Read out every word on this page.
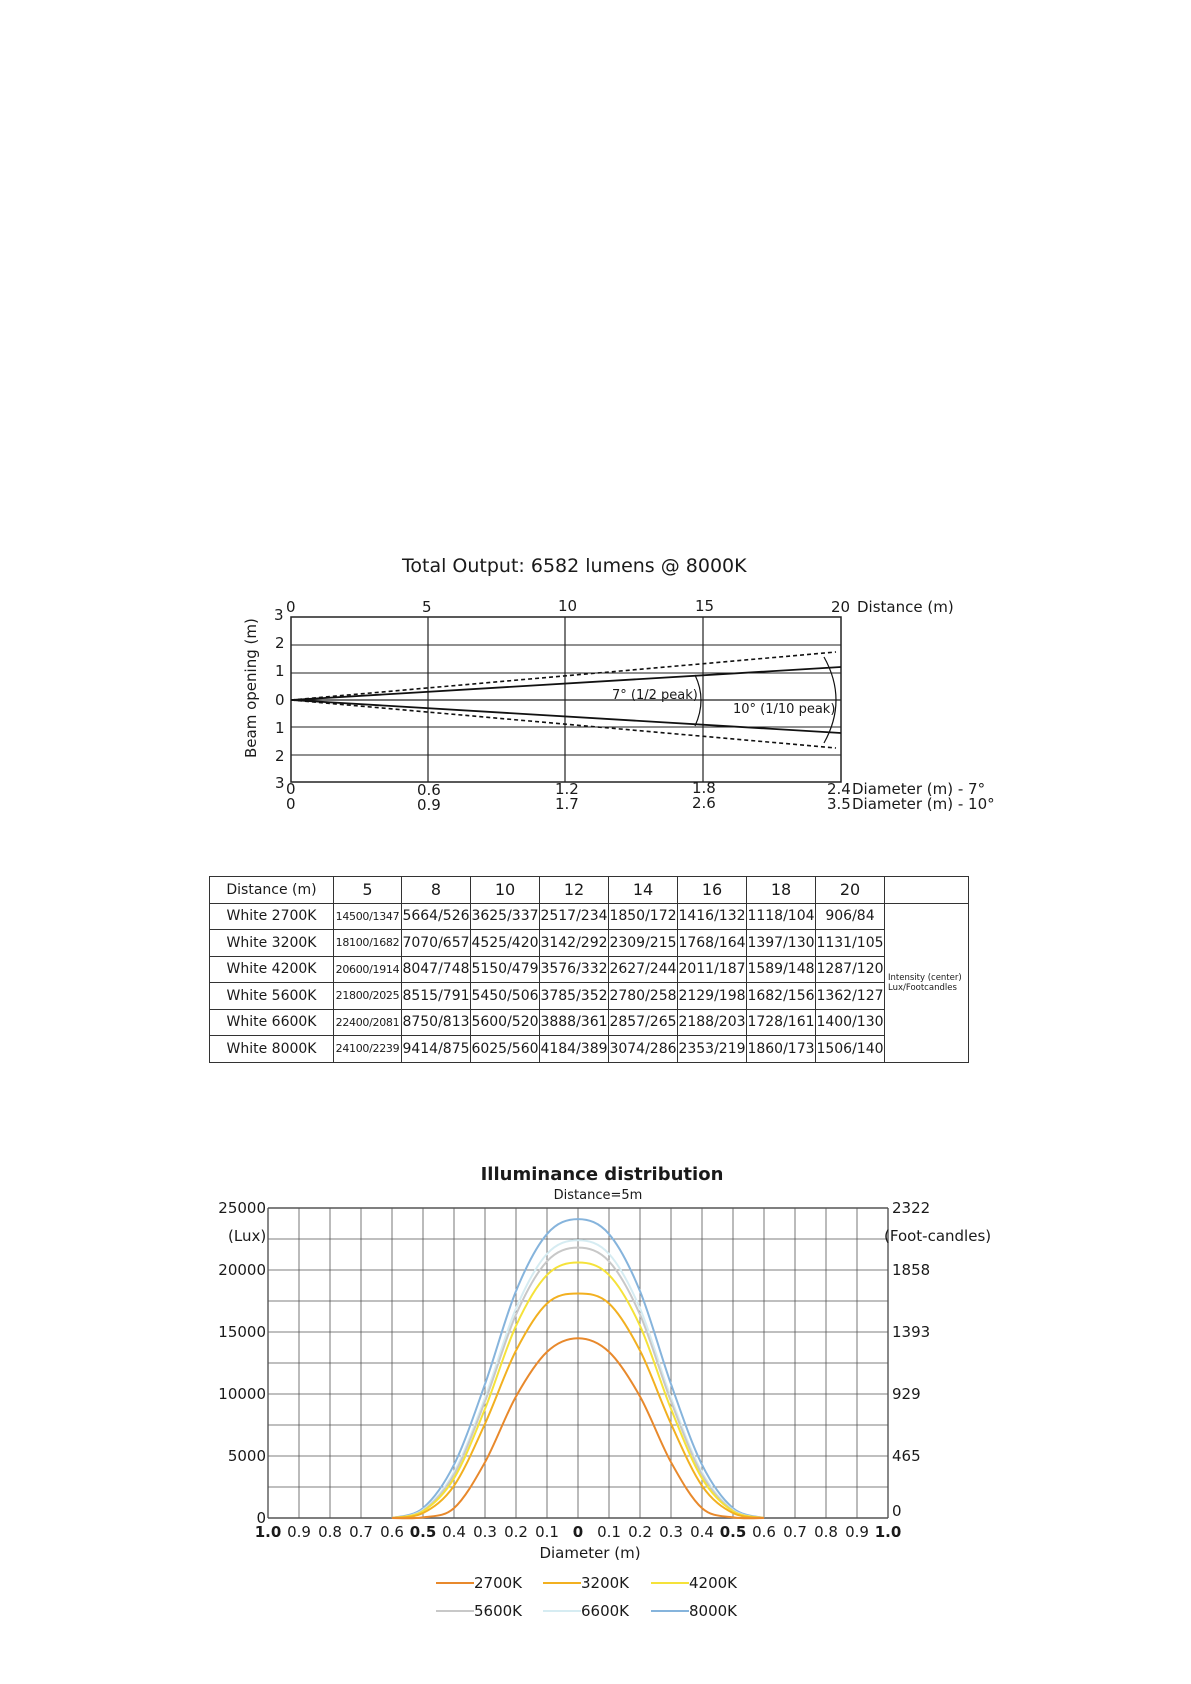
Total Output: 6582 lumens @ 8000K
0	5	10	15	20 Distance (m)
Beam opening (m)
3
2
1
0
1
2
3
7° (1/2 peak)
10° (1/10 peak)
0	0.6	1.2	1.8	2.4 Diameter (m) - 7°
0	0.9	1.7	2.6	3.5 Diameter (m) - 10°
Distance (m)	5	8	10	12	14	16	18	20	
White 2700K	14500/1347	5664/526	3625/337	2517/234	1850/172	1416/132	1118/104	906/84	Intensity (center)
Lux/Footcandles

White 3200K	18100/1682	7070/657	4525/420	3142/292	2309/215	1768/164	1397/130	1131/105	
White 4200K	20600/1914	8047/748	5150/479	3576/332	2627/244	2011/187	1589/148	1287/120	
White 5600K	21800/2025	8515/791	5450/506	3785/352	2780/258	2129/198	1682/156	1362/127	
White 6600K	22400/2081	8750/813	5600/520	3888/361	2857/265	2188/203	1728/161	1400/130	
White 8000K	24100/2239	9414/875	6025/560	4184/389	3074/286	2353/219	1860/173	1506/140	
Illuminance distribution
Distance=5m
0
5000
10000
15000
20000
25000
0
465
929
1393
1858
2322
1.0 0.9 0.8 0.7 0.6 0.5 0.4 0.3 0.2 0.1 0 0.1 0.2 0.3 0.4 0.5 0.6 0.7 0.8 0.9 1.0
(Lux)	(Foot-candles)
Diameter (m)
2700K	3200K	4200K
5600K	6600K	8000K
